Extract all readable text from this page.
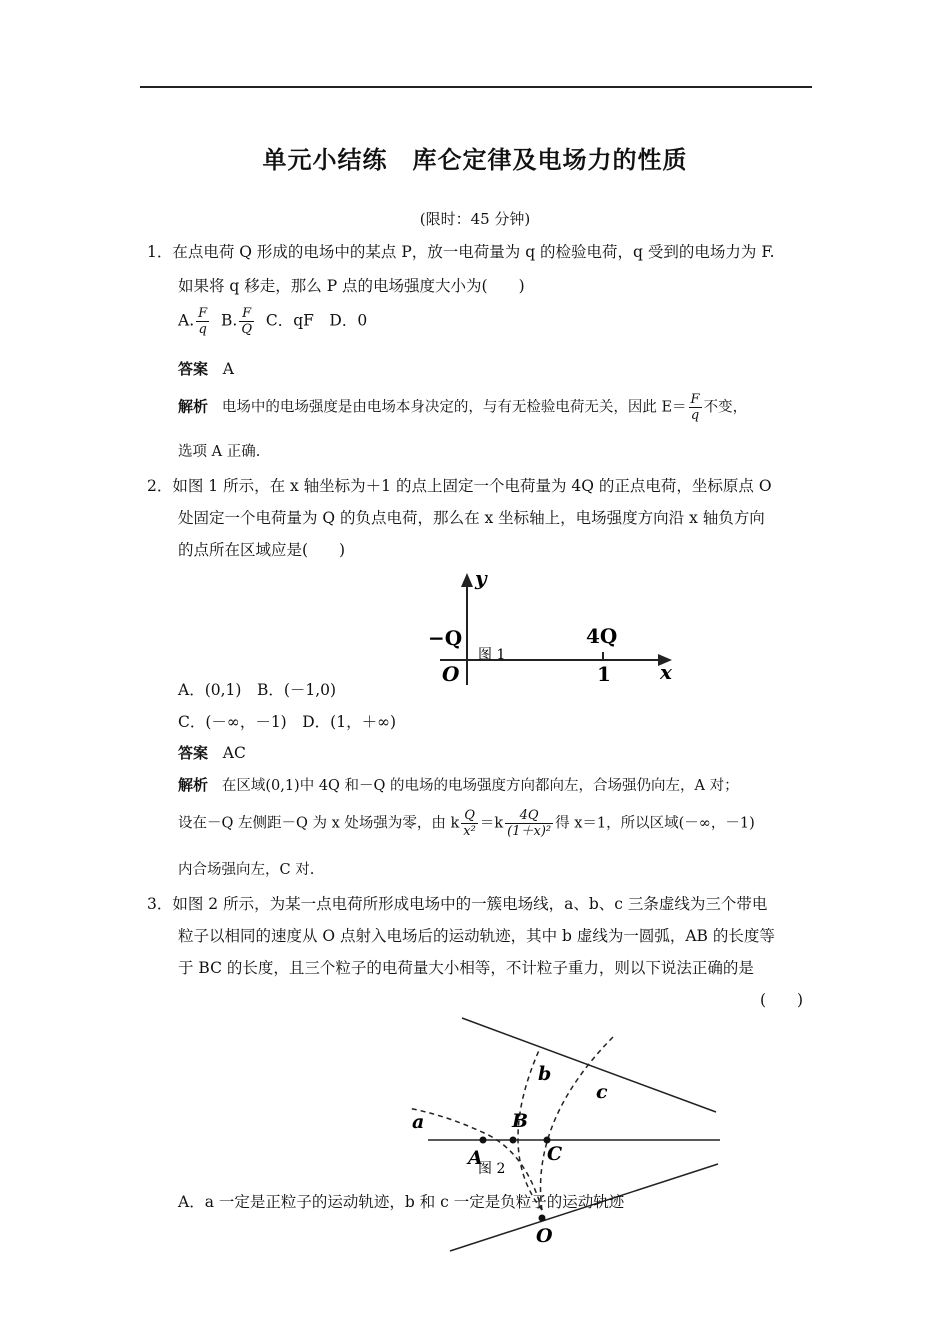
单元小结练　库仑定律及电场力的性质
(限时：45 分钟)
1．在点电荷 Q 形成的电场中的某点 P，放一电荷量为 q 的检验电荷，q 受到的电场力为 F.
如果将 q 移走，那么 P 点的电场强度大小为(　　)
A. $\frac{F}{q} B$. $\frac{F}{Q}$ C．qF　D．0
答案 A
解析 电场中的电场强度是由电场本身决定的，与有无检验电荷无关，因此 $E= \frac{F}{q}$ 不变，
选项 A 正确.
2．如图 1 所示，在 x 轴坐标为＋1 的点上固定一个电荷量为 4Q 的正点电荷，坐标原点 O
处固定一个电荷量为 Q 的负点电荷，那么在 x 坐标轴上，电场强度方向沿 x 轴负方向
的点所在区域应是(　　)
y
x
−Q	4Q
O	1
图 1
A．(0,1)　B．(－1,0)
C．(－∞，－1)　D．(1，＋∞)
答案 AC
解析 在区域(0,1)中 4Q 和－Q 的电场的电场强度方向都向左，合场强仍向左，A 对；
设在－Q 左侧距－Q 为 x 处场强为零，由 k $\frac{Q}{\text{x²}} =k \frac{4Q}{\text{(1＋x)²}}$ 得 x＝1，所以区域(－∞，－1)
内合场强向左，C 对.
3．如图 2 所示，为某一点电荷所形成电场中的一簇电场线，a、b、c 三条虚线为三个带电
粒子以相同的速度从 O 点射入电场后的运动轨迹，其中 b 虚线为一圆弧，AB 的长度等
于 BC 的长度，且三个粒子的电荷量大小相等，不计粒子重力，则以下说法正确的是
(　　)
a
b
c
A
B
C
O
图 2
A．a 一定是正粒子的运动轨迹，b 和 c 一定是负粒子的运动轨迹
